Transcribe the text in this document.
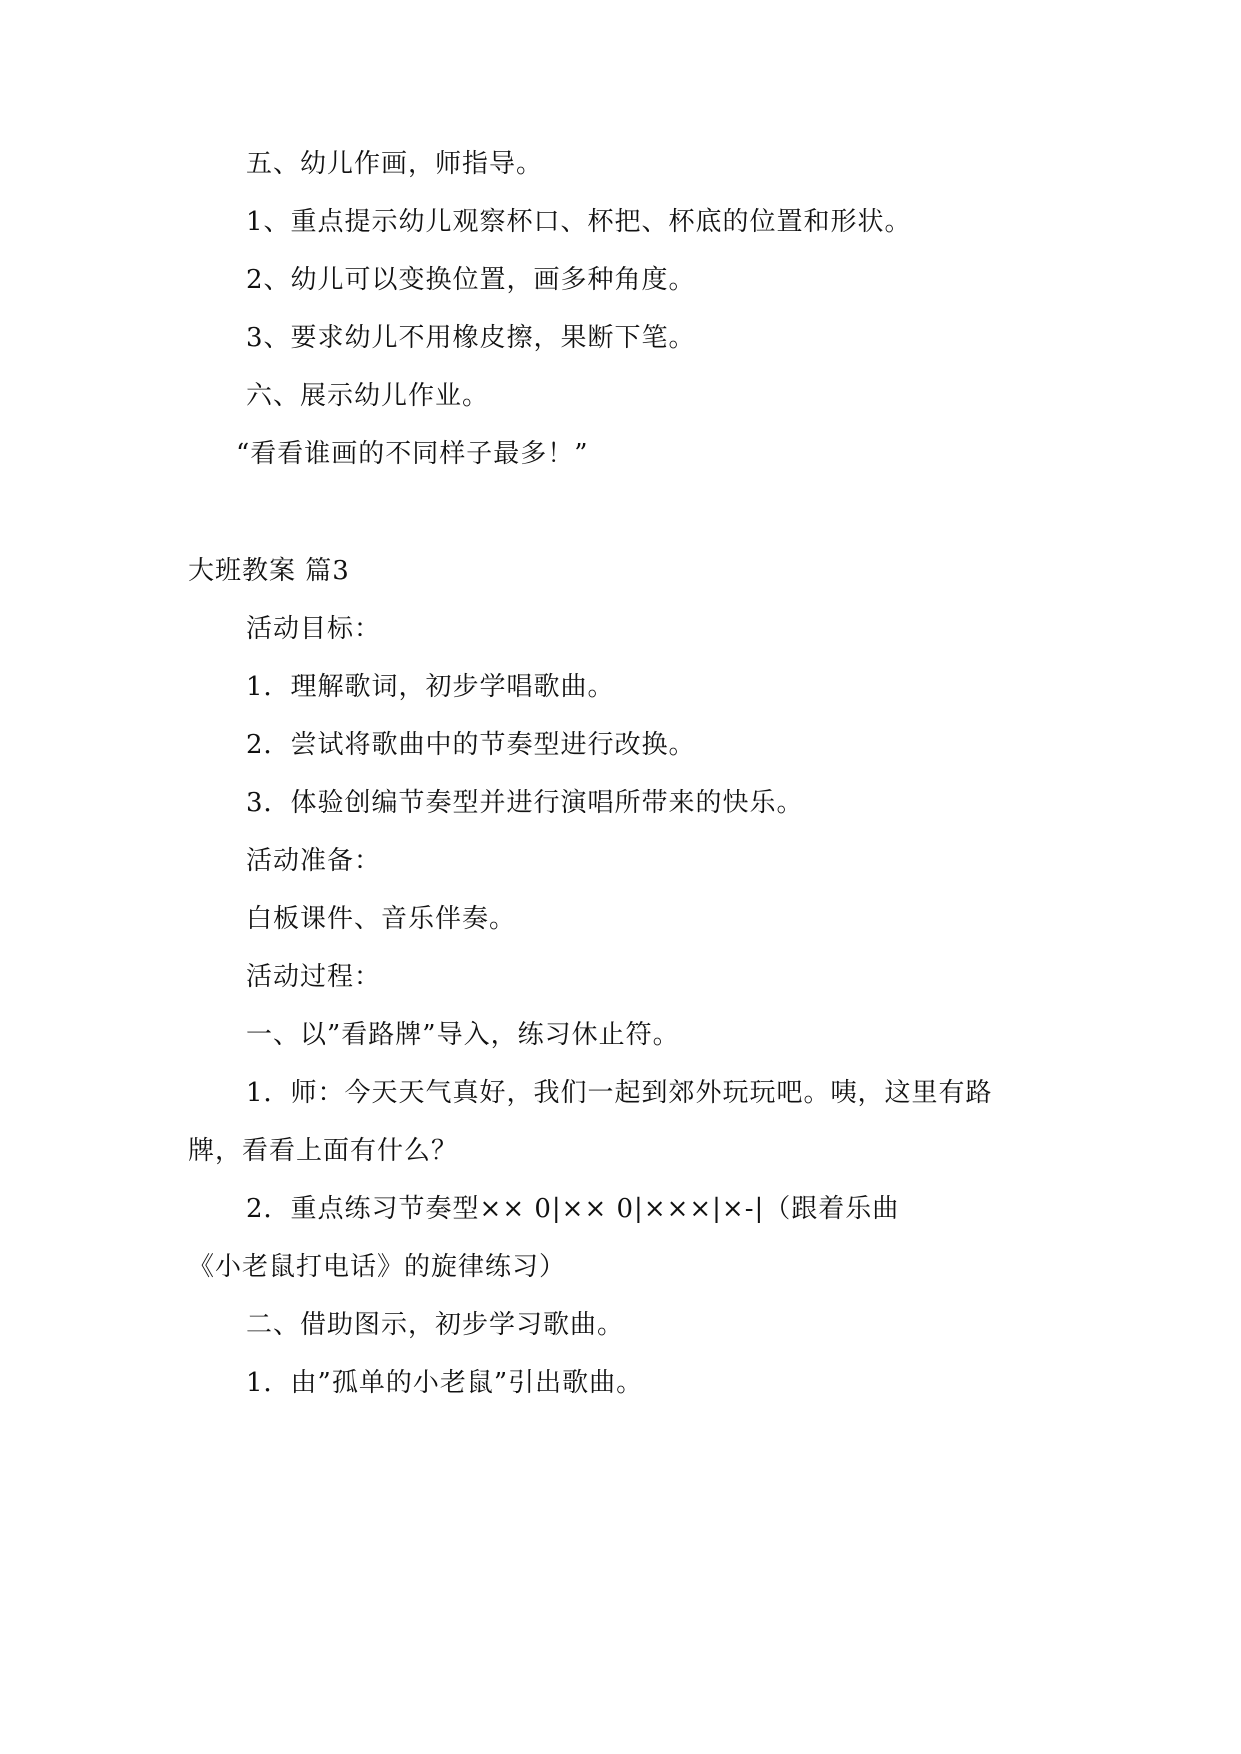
五、幼儿作画，师指导。
1、重点提示幼儿观察杯口、杯把、杯底的位置和形状。
2、幼儿可以变换位置，画多种角度。
3、要求幼儿不用橡皮擦，果断下笔。
六、展示幼儿作业。
“看看谁画的不同样子最多！”
大班教案 篇3
活动目标：
1．理解歌词，初步学唱歌曲。
2．尝试将歌曲中的节奏型进行改换。
3．体验创编节奏型并进行演唱所带来的快乐。
活动准备：
白板课件、音乐伴奏。
活动过程：
一、以”看路牌”导入，练习休止符。
1．师：今天天气真好，我们一起到郊外玩玩吧。咦，这里有路
牌，看看上面有什么？
2．重点练习节奏型×× 0|×× 0|×××|×-|（跟着乐曲
《小老鼠打电话》的旋律练习）
二、借助图示，初步学习歌曲。
1．由”孤单的小老鼠”引出歌曲。
